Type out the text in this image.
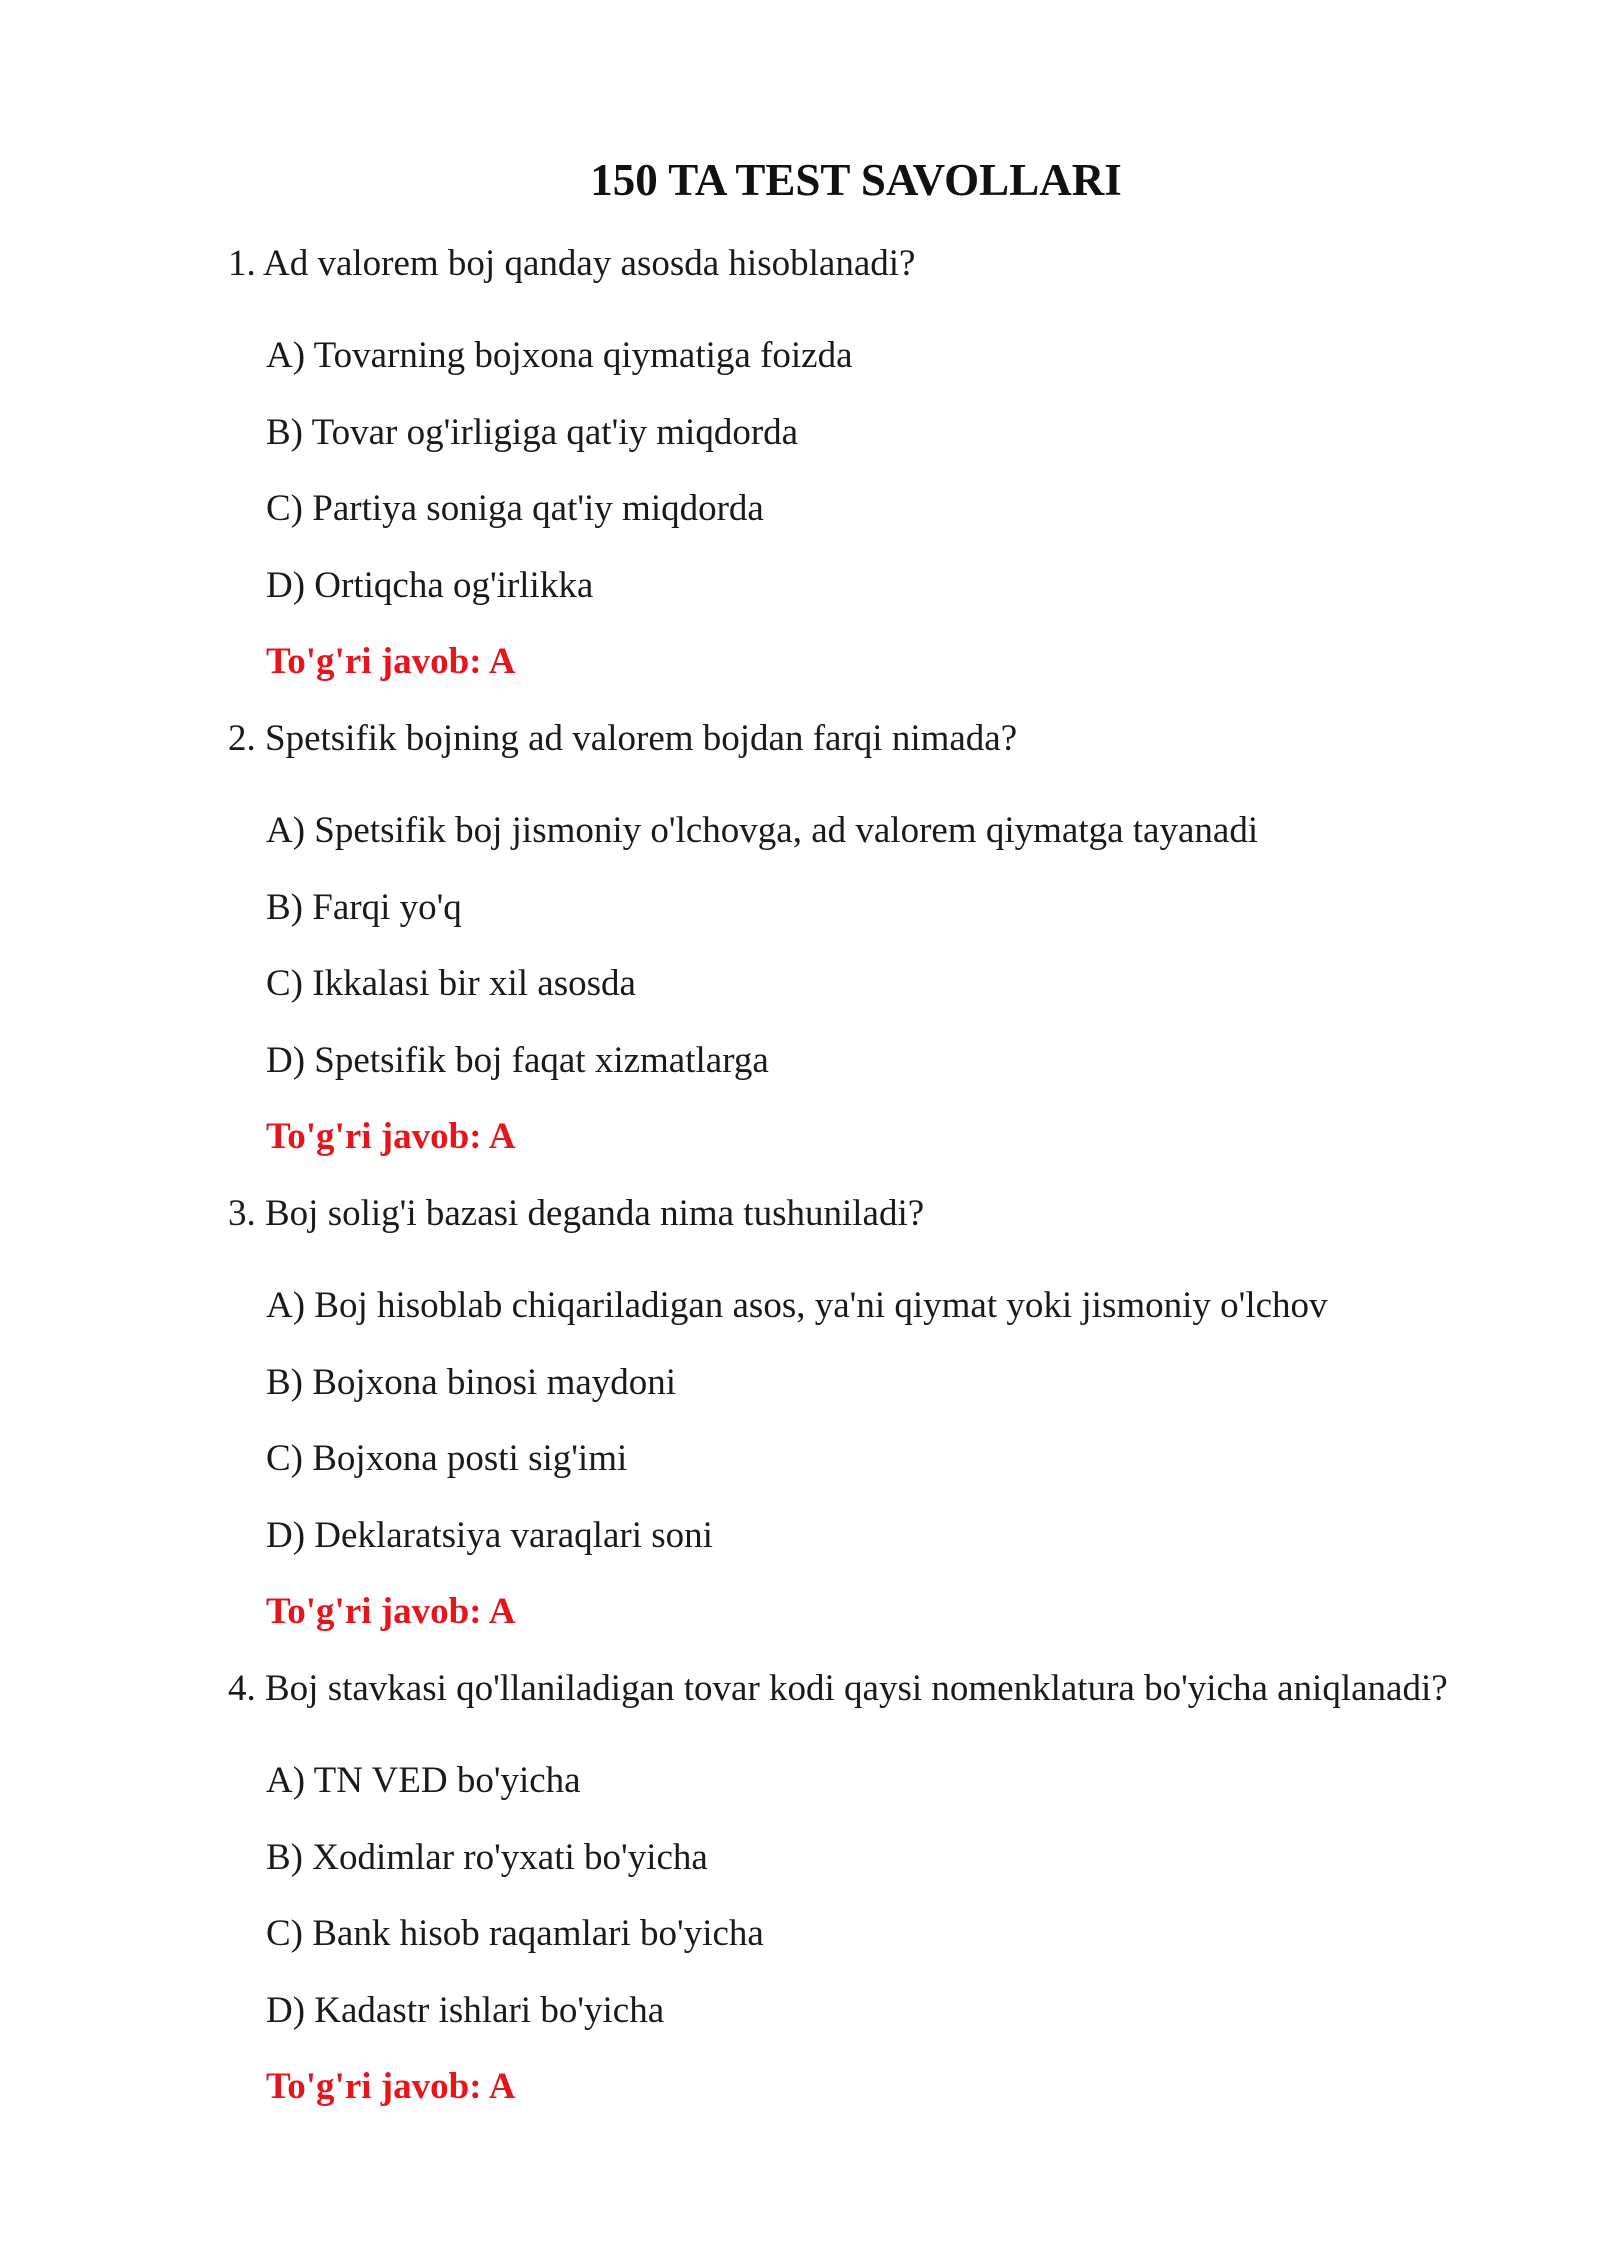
150 TA TEST SAVOLLARI

1. Ad valorem boj qanday asosda hisoblanadi?

A) Tovarning bojxona qiymatiga foizda
B) Tovar og'irligiga qat'iy miqdorda
C) Partiya soniga qat'iy miqdorda
D) Ortiqcha og'irlikka
To'g'ri javob: A

2. Spetsifik bojning ad valorem bojdan farqi nimada?

A) Spetsifik boj jismoniy o'lchovga, ad valorem qiymatga tayanadi
B) Farqi yo'q
C) Ikkalasi bir xil asosda
D) Spetsifik boj faqat xizmatlarga
To'g'ri javob: A

3. Boj solig'i bazasi deganda nima tushuniladi?

A) Boj hisoblab chiqariladigan asos, ya'ni qiymat yoki jismoniy o'lchov
B) Bojxona binosi maydoni
C) Bojxona posti sig'imi
D) Deklaratsiya varaqlari soni
To'g'ri javob: A

4. Boj stavkasi qo'llaniladigan tovar kodi qaysi nomenklatura bo'yicha aniqlanadi?

A) TN VED bo'yicha
B) Xodimlar ro'yxati bo'yicha
C) Bank hisob raqamlari bo'yicha
D) Kadastr ishlari bo'yicha
To'g'ri javob: A
